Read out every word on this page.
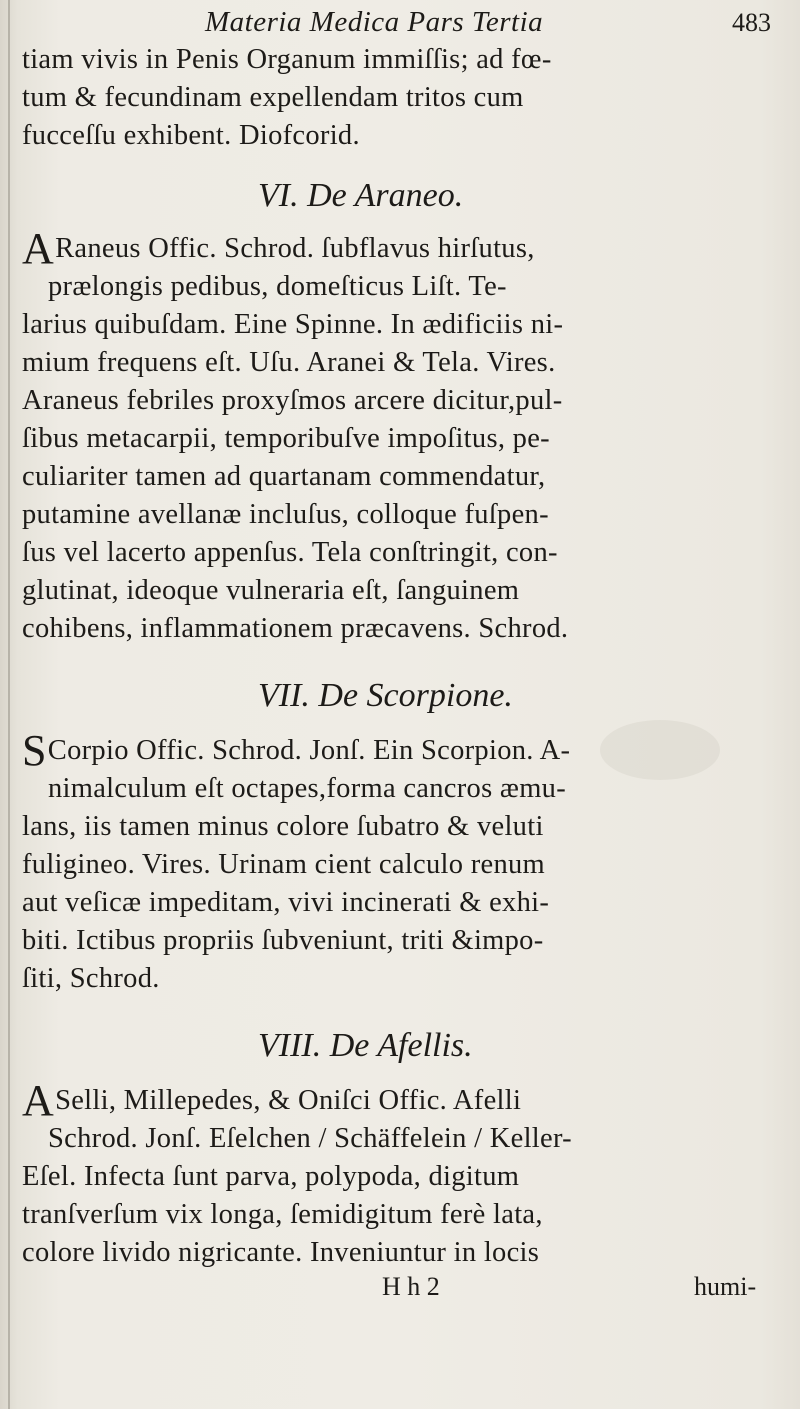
Materia Medica Pars Tertia	483
tiam vivis in Penis Organum immiſſis; ad fœ-
tum & fecundinam expellendam tritos cum
fucceſſu exhibent. Diofcorid.
VI. De Araneo.
ARaneus Offic. Schrod. ſubflavus hirſutus,
prælongis pedibus, domeſticus Liſt. Te-
larius quibuſdam. Eine Spinne. In ædificiis ni-
mium frequens eſt. Uſu. Aranei & Tela. Vires.
Araneus febriles proxyſmos arcere dicitur,pul-
ſibus metacarpii, temporibuſve impoſitus, pe-
culiariter tamen ad quartanam commendatur,
putamine avellanæ incluſus, colloque fuſpen-
ſus vel lacerto appenſus. Tela conſtringit, con-
glutinat, ideoque vulneraria eſt, ſanguinem
cohibens, inflammationem præcavens. Schrod.
VII. De Scorpione.
SCorpio Offic. Schrod. Jonſ. Ein Scorpion. A-
nimalculum eſt octapes,forma cancros æmu-
lans, iis tamen minus colore ſubatro & veluti
fuligineo. Vires. Urinam cient calculo renum
aut veſicæ impeditam, vivi incinerati & exhi-
biti. Ictibus propriis ſubveniunt, triti &impo-
ſiti, Schrod.
VIII. De Afellis.
ASelli, Millepedes, & Oniſci Offic. Afelli
Schrod. Jonſ. Eſelchen / Schäffelein / Keller-
Eſel. Infecta ſunt parva, polypoda, digitum
tranſverſum vix longa, ſemidigitum ferè lata,
colore livido nigricante. Inveniuntur in locis
H h 2	humi-
